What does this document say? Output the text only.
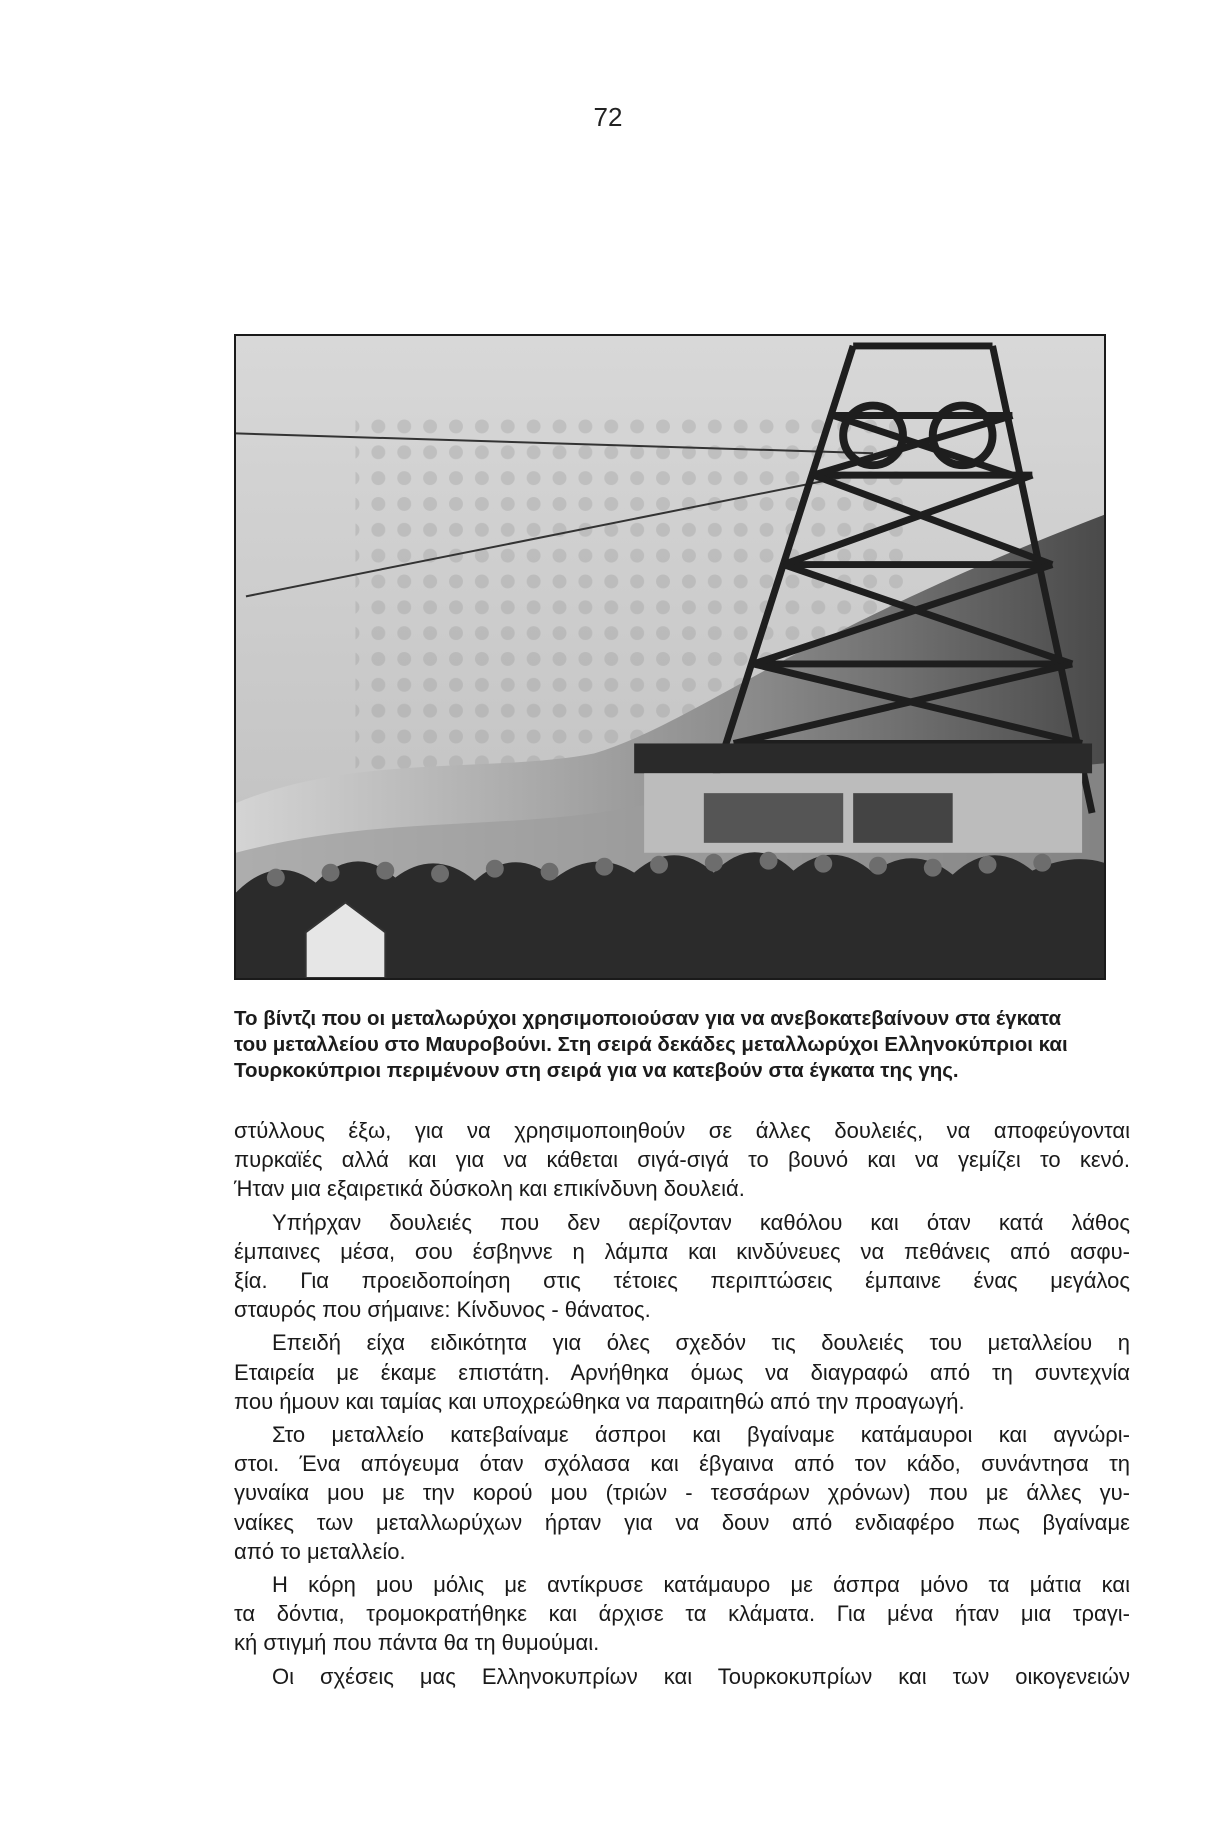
72
Το βίντζι που οι μεταλωρύχοι χρησιμοποιούσαν για να ανεβοκατεβαίνουν στα έγκατα
του μεταλλείου στο Μαυροβούνι. Στη σειρά δεκάδες μεταλλωρύχοι Ελληνοκύπριοι και
Τουρκοκύπριοι περιμένουν στη σειρά για να κατεβούν στα έγκατα της γης.
στύλλους έξω, για να χρησιμοποιηθούν σε άλλες δουλειές, να αποφεύγονται
πυρκαϊές αλλά και για να κάθεται σιγά-σιγά το βουνό και να γεμίζει το κενό.
Ήταν μια εξαιρετικά δύσκολη και επικίνδυνη δουλειά.
Υπήρχαν δουλειές που δεν αερίζονταν καθόλου και όταν κατά λάθος
έμπαινες μέσα, σου έσβηννε η λάμπα και κινδύνευες να πεθάνεις από ασφυ-
ξία. Για προειδοποίηση στις τέτοιες περιπτώσεις έμπαινε ένας μεγάλος
σταυρός που σήμαινε: Κίνδυνος - θάνατος.
Επειδή είχα ειδικότητα για όλες σχεδόν τις δουλειές του μεταλλείου η
Εταιρεία με έκαμε επιστάτη. Αρνήθηκα όμως να διαγραφώ από τη συντεχνία
που ήμουν και ταμίας και υποχρεώθηκα να παραιτηθώ από την προαγωγή.
Στο μεταλλείο κατεβαίναμε άσπροι και βγαίναμε κατάμαυροι και αγνώρι-
στοι. Ένα απόγευμα όταν σχόλασα και έβγαινα από τον κάδο, συνάντησα τη
γυναίκα μου με την κορού μου (τριών - τεσσάρων χρόνων) που με άλλες γυ-
ναίκες των μεταλλωρύχων ήρταν για να δουν από ενδιαφέρο πως βγαίναμε
από το μεταλλείο.
Η κόρη μου μόλις με αντίκρυσε κατάμαυρο με άσπρα μόνο τα μάτια και
τα δόντια, τρομοκρατήθηκε και άρχισε τα κλάματα. Για μένα ήταν μια τραγι-
κή στιγμή που πάντα θα τη θυμούμαι.
Οι σχέσεις μας Ελληνοκυπρίων και Τουρκοκυπρίων και των οικογενειών
